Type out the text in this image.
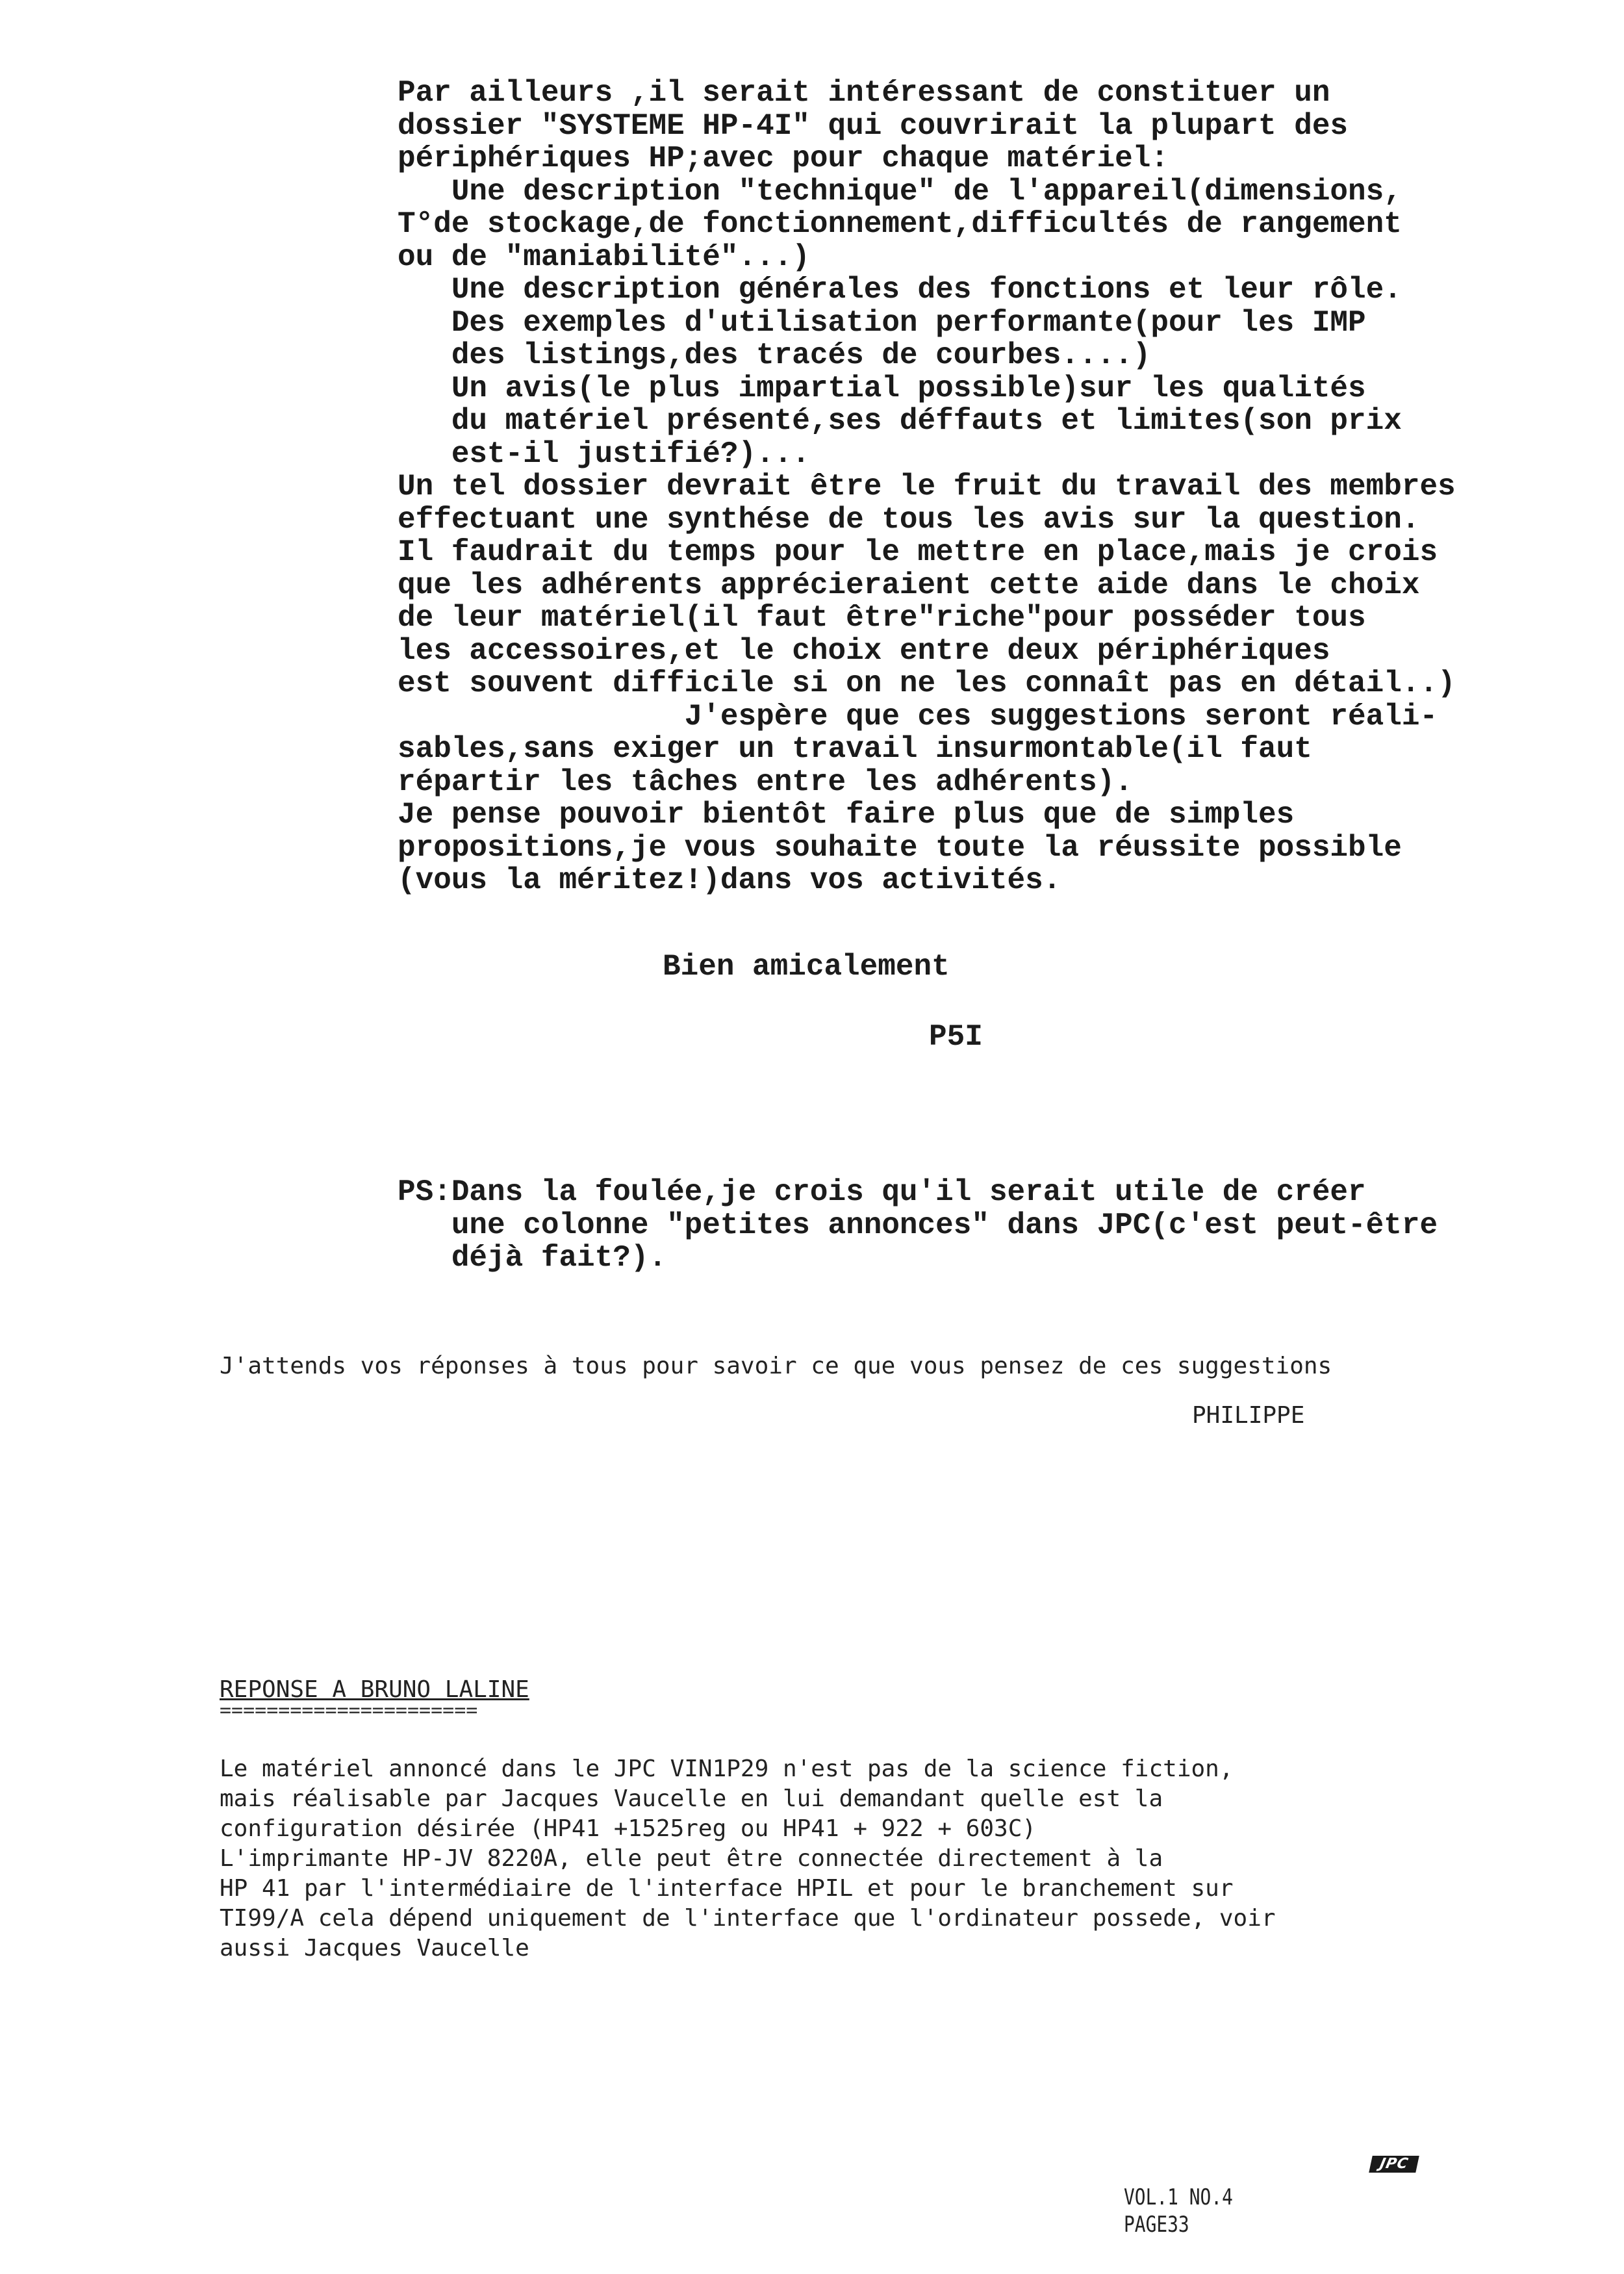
Par ailleurs ,il serait intéressant de constituer un
dossier "SYSTEME HP-4I" qui couvrirait la plupart des
périphériques HP;avec pour chaque matériel:
Une description "technique" de l'appareil(dimensions,
T°de stockage,de fonctionnement,difficultés de rangement
ou de "maniabilité"...)
Une description générales des fonctions et leur rôle.
Des exemples d'utilisation performante(pour les IMP
des listings,des tracés de courbes....)
Un avis(le plus impartial possible)sur les qualités
du matériel présenté,ses déffauts et limites(son prix
est-il justifié?)...
Un tel dossier devrait être le fruit du travail des membres
effectuant une synthése de tous les avis sur la question.
Il faudrait du temps pour le mettre en place,mais je crois
que les adhérents apprécieraient cette aide dans le choix
de leur matériel(il faut être"riche"pour posséder tous
les accessoires,et le choix entre deux périphériques
est souvent difficile si on ne les connaît pas en détail..)
J'espère que ces suggestions seront réali-
sables,sans exiger un travail insurmontable(il faut
répartir les tâches entre les adhérents).
Je pense pouvoir bientôt faire plus que de simples
propositions,je vous souhaite toute la réussite possible
(vous la méritez!)dans vos activités.
Bien amicalement
P5I
PS:Dans la foulée,je crois qu'il serait utile de créer
une colonne "petites annonces" dans JPC(c'est peut-être
déjà fait?).
J'attends vos réponses à tous pour savoir ce que vous pensez de ces suggestions
PHILIPPE
REPONSE A BRUNO LALINE
======================
Le matériel annoncé dans le JPC VIN1P29 n'est pas de la science fiction,
mais réalisable par Jacques Vaucelle en lui demandant quelle est la
configuration désirée (HP41 +1525reg ou HP41 + 922 + 603C)
L'imprimante HP-JV 8220A, elle peut être connectée directement à la
HP 41 par l'intermédiaire de l'interface HPIL et pour le branchement sur
TI99/A cela dépend uniquement de l'interface que l'ordinateur possede, voir
aussi Jacques Vaucelle
JPC
VOL.1 NO.4
PAGE33
